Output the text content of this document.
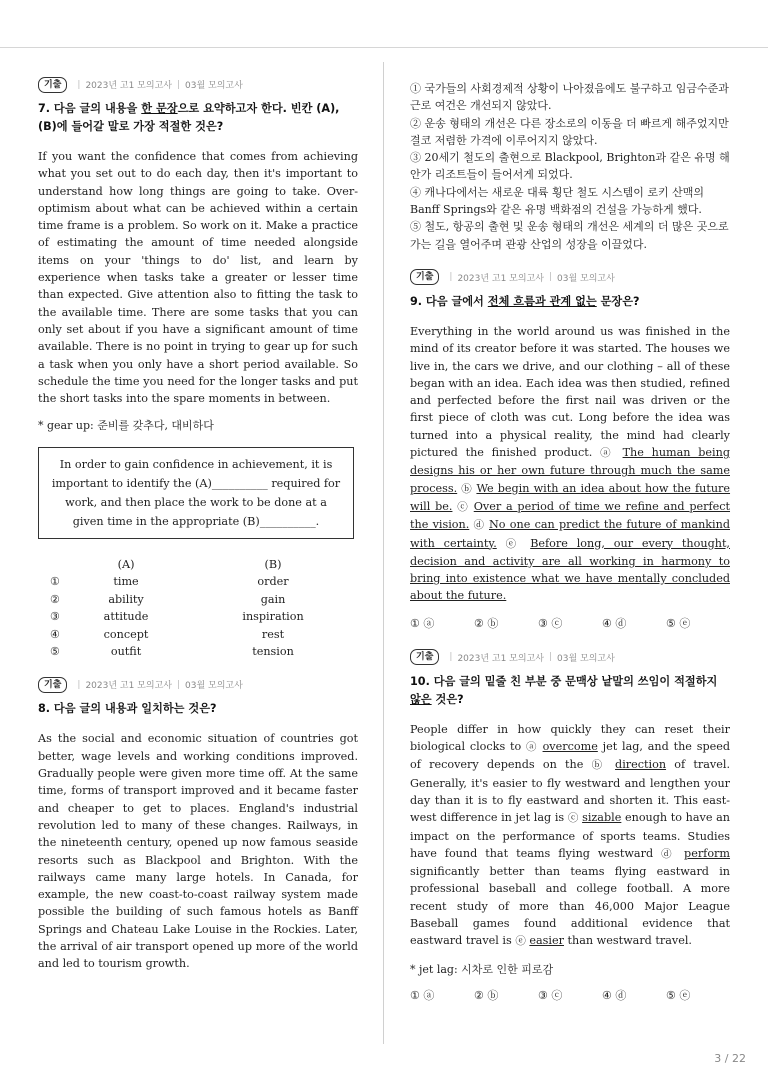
기출	| 2023년 고1 모의고사 | 03월 모의고사
7. 다음 글의 내용을 한 문장으로 요약하고자 한다. 빈칸 (A), (B)에 들어갈 말로 가장 적절한 것은?

If you want the confidence that comes from achieving what you set out to do each day, then it's important to understand how long things are going to take. Over-optimism about what can be achieved within a certain time frame is a problem. So work on it. Make a practice of estimating the amount of time needed alongside items on your 'things to do' list, and learn by experience when tasks take a greater or lesser time than expected. Give attention also to fitting the task to the available time. There are some tasks that you can only set about if you have a significant amount of time available. There is no point in trying to gear up for such a task when you only have a short period available. So schedule the time you need for the longer tasks and put the short tasks into the spare moments in between.

* gear up: 준비를 갖추다, 대비하다

In order to gain confidence in achievement, it is important to identify the (A)__________ required for work, and then place the work to be done at a given time in the appropriate (B)__________.
	(A)	(B)
①	time	order
②	ability	gain
③	attitude	inspiration
④	concept	rest
⑤	outfit	tension
기출	| 2023년 고1 모의고사 | 03월 모의고사
8. 다음 글의 내용과 일치하는 것은?

As the social and economic situation of countries got better, wage levels and working conditions improved. Gradually people were given more time off. At the same time, forms of transport improved and it became faster and cheaper to get to places. England's industrial revolution led to many of these changes. Railways, in the nineteenth century, opened up now famous seaside resorts such as Blackpool and Brighton. With the railways came many large hotels. In Canada, for example, the new coast-to-coast railway system made possible the building of such famous hotels as Banff Springs and Chateau Lake Louise in the Rockies. Later, the arrival of air transport opened up more of the world and led to tourism growth.

① 국가들의 사회경제적 상황이 나아졌음에도 불구하고 임금수준과 근로 여건은 개선되지 않았다.
② 운송 형태의 개선은 다른 장소로의 이동을 더 빠르게 해주었지만 결코 저렴한 가격에 이루어지지 않았다.
③ 20세기 철도의 출현으로 Blackpool, Brighton과 같은 유명 해안가 리조트들이 들어서게 되었다.
④ 캐나다에서는 새로운 대륙 횡단 철도 시스템이 로키 산맥의 Banff Springs와 같은 유명 백화점의 건설을 가능하게 했다.
⑤ 철도, 항공의 출현 및 운송 형태의 개선은 세계의 더 많은 곳으로 가는 길을 열어주며 관광 산업의 성장을 이끌었다.
기출	| 2023년 고1 모의고사 | 03월 모의고사
9. 다음 글에서 전체 흐름과 관계 없는 문장은?

Everything in the world around us was finished in the mind of its creator before it was started. The houses we live in, the cars we drive, and our clothing – all of these began with an idea. Each idea was then studied, refined and perfected before the first nail was driven or the first piece of cloth was cut. Long before the idea was turned into a physical reality, the mind had clearly pictured the finished product. ⓐ The human being designs his or her own future through much the same process. ⓑ We begin with an idea about how the future will be. ⓒ Over a period of time we refine and perfect the vision. ⓓ No one can predict the future of mankind with certainty. ⓔ Before long, our every thought, decision and activity are all working in harmony to bring into existence what we have mentally concluded about the future.

① ⓐ	② ⓑ	③ ⓒ	④ ⓓ	⑤ ⓔ
기출	| 2023년 고1 모의고사 | 03월 모의고사
10. 다음 글의 밑줄 친 부분 중 문맥상 낱말의 쓰임이 적절하지 않은 것은?

People differ in how quickly they can reset their biological clocks to ⓐ overcome jet lag, and the speed of recovery depends on the ⓑ direction of travel. Generally, it's easier to fly westward and lengthen your day than it is to fly eastward and shorten it. This east-west difference in jet lag is ⓒ sizable enough to have an impact on the performance of sports teams. Studies have found that teams flying westward ⓓ perform significantly better than teams flying eastward in professional baseball and college football. A more recent study of more than 46,000 Major League Baseball games found additional evidence that eastward travel is ⓔ easier than westward travel.

* jet lag: 시차로 인한 피로감

① ⓐ	② ⓑ	③ ⓒ	④ ⓓ	⑤ ⓔ
3 / 22
